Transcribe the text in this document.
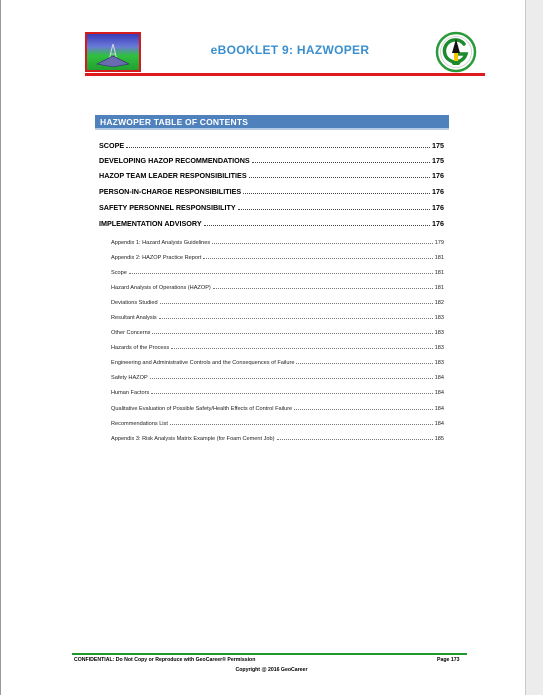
eBOOKLET 9: HAZWOPER
HAZWOPER TABLE OF CONTENTS
SCOPE	175
DEVELOPING HAZOP RECOMMENDATIONS	175
HAZOP TEAM LEADER RESPONSIBILITIES	176
PERSON-IN-CHARGE RESPONSIBILITIES	176
SAFETY PERSONNEL RESPONSIBILITY	176
IMPLEMENTATION ADVISORY	176
Appendix 1: Hazard Analysis Guidelines	179
Appendix 2: HAZOP Practice Report	181
Scope	181
Hazard Analysis of Operations (HAZOP)	181
Deviations Studied	182
Resultant Analysis	183
Other Concerns	183
Hazards of the Process	183
Engineering and Administrative Controls and the Consequences of Failure	183
Safety HAZOP	184
Human Factors	184
Qualitative Evaluation of Possible Safety/Health Effects of Control Failure	184
Recommendations List	184
Appendix 3: Risk Analysis Matrix Example (for Foam Cement Job)	185
CONFIDENTIAL: Do Not Copy or Reproduce with GeoCareer® Permission	Page 173
Copyright @ 2016 GeoCareer
